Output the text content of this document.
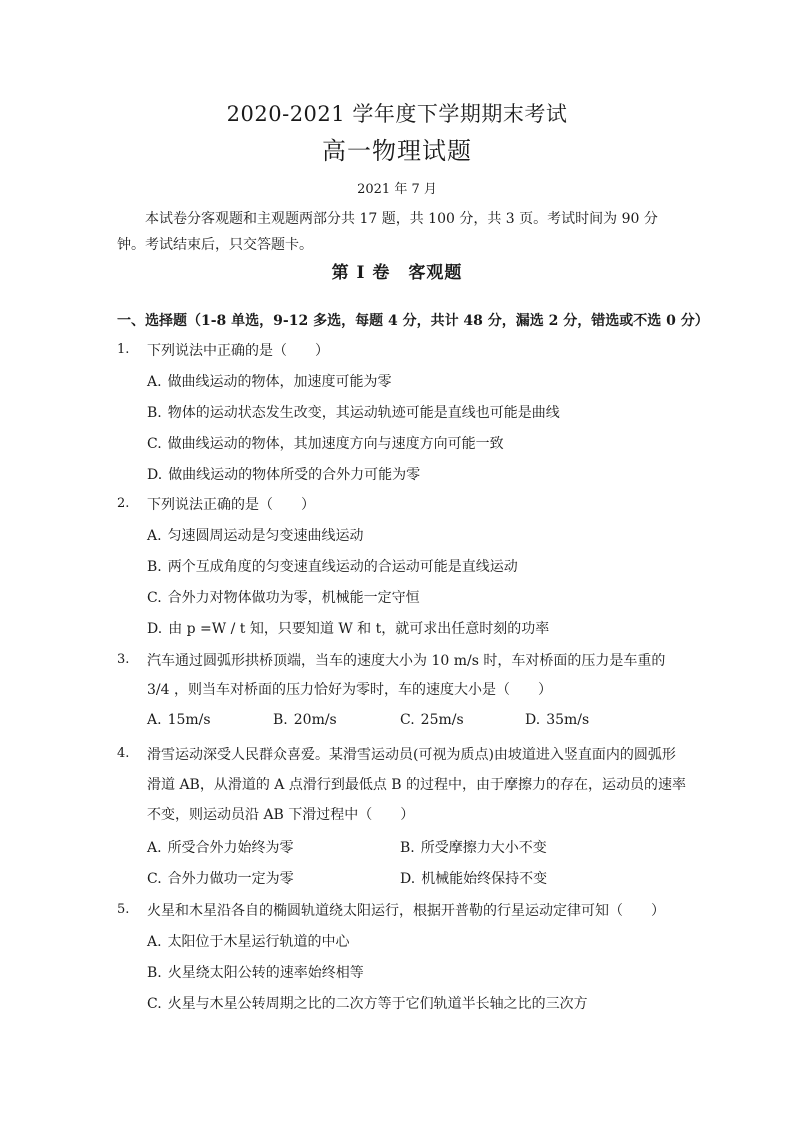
2020-2021 学年度下学期期末考试
高一物理试题
2021 年 7 月
本试卷分客观题和主观题两部分共 17 题，共 100 分，共 3 页。考试时间为 90 分钟。考试结束后，只交答题卡。
第 Ⅰ 卷　客观题
一、选择题（1-8 单选，9-12 多选，每题 4 分，共计 48 分，漏选 2 分，错选或不选 0 分）
1.	下列说法中正确的是（　　）
A. 做曲线运动的物体，加速度可能为零
B. 物体的运动状态发生改变，其运动轨迹可能是直线也可能是曲线
C. 做曲线运动的物体，其加速度方向与速度方向可能一致
D. 做曲线运动的物体所受的合外力可能为零
2.	下列说法正确的是（　　）
A. 匀速圆周运动是匀变速曲线运动
B. 两个互成角度的匀变速直线运动的合运动可能是直线运动
C. 合外力对物体做功为零，机械能一定守恒
D. 由 p =W / t 知，只要知道 W 和 t，就可求出任意时刻的功率
3.	汽车通过圆弧形拱桥顶端，当车的速度大小为 10 m/s 时，车对桥面的压力是车重的
3/4 ，则当车对桥面的压力恰好为零时，车的速度大小是（　　）
A. 15m/s	B. 20m/s	C. 25m/s	D. 35m/s
4.	滑雪运动深受人民群众喜爱。某滑雪运动员(可视为质点)由坡道进入竖直面内的圆弧形
滑道 AB，从滑道的 A 点滑行到最低点 B 的过程中，由于摩擦力的存在，运动员的速率
不变，则运动员沿 AB 下滑过程中（　　）
A. 所受合外力始终为零	B. 所受摩擦力大小不变
C. 合外力做功一定为零	D. 机械能始终保持不变
5.	火星和木星沿各自的椭圆轨道绕太阳运行，根据开普勒的行星运动定律可知（　　）
A. 太阳位于木星运行轨道的中心
B. 火星绕太阳公转的速率始终相等
C. 火星与木星公转周期之比的二次方等于它们轨道半长轴之比的三次方
